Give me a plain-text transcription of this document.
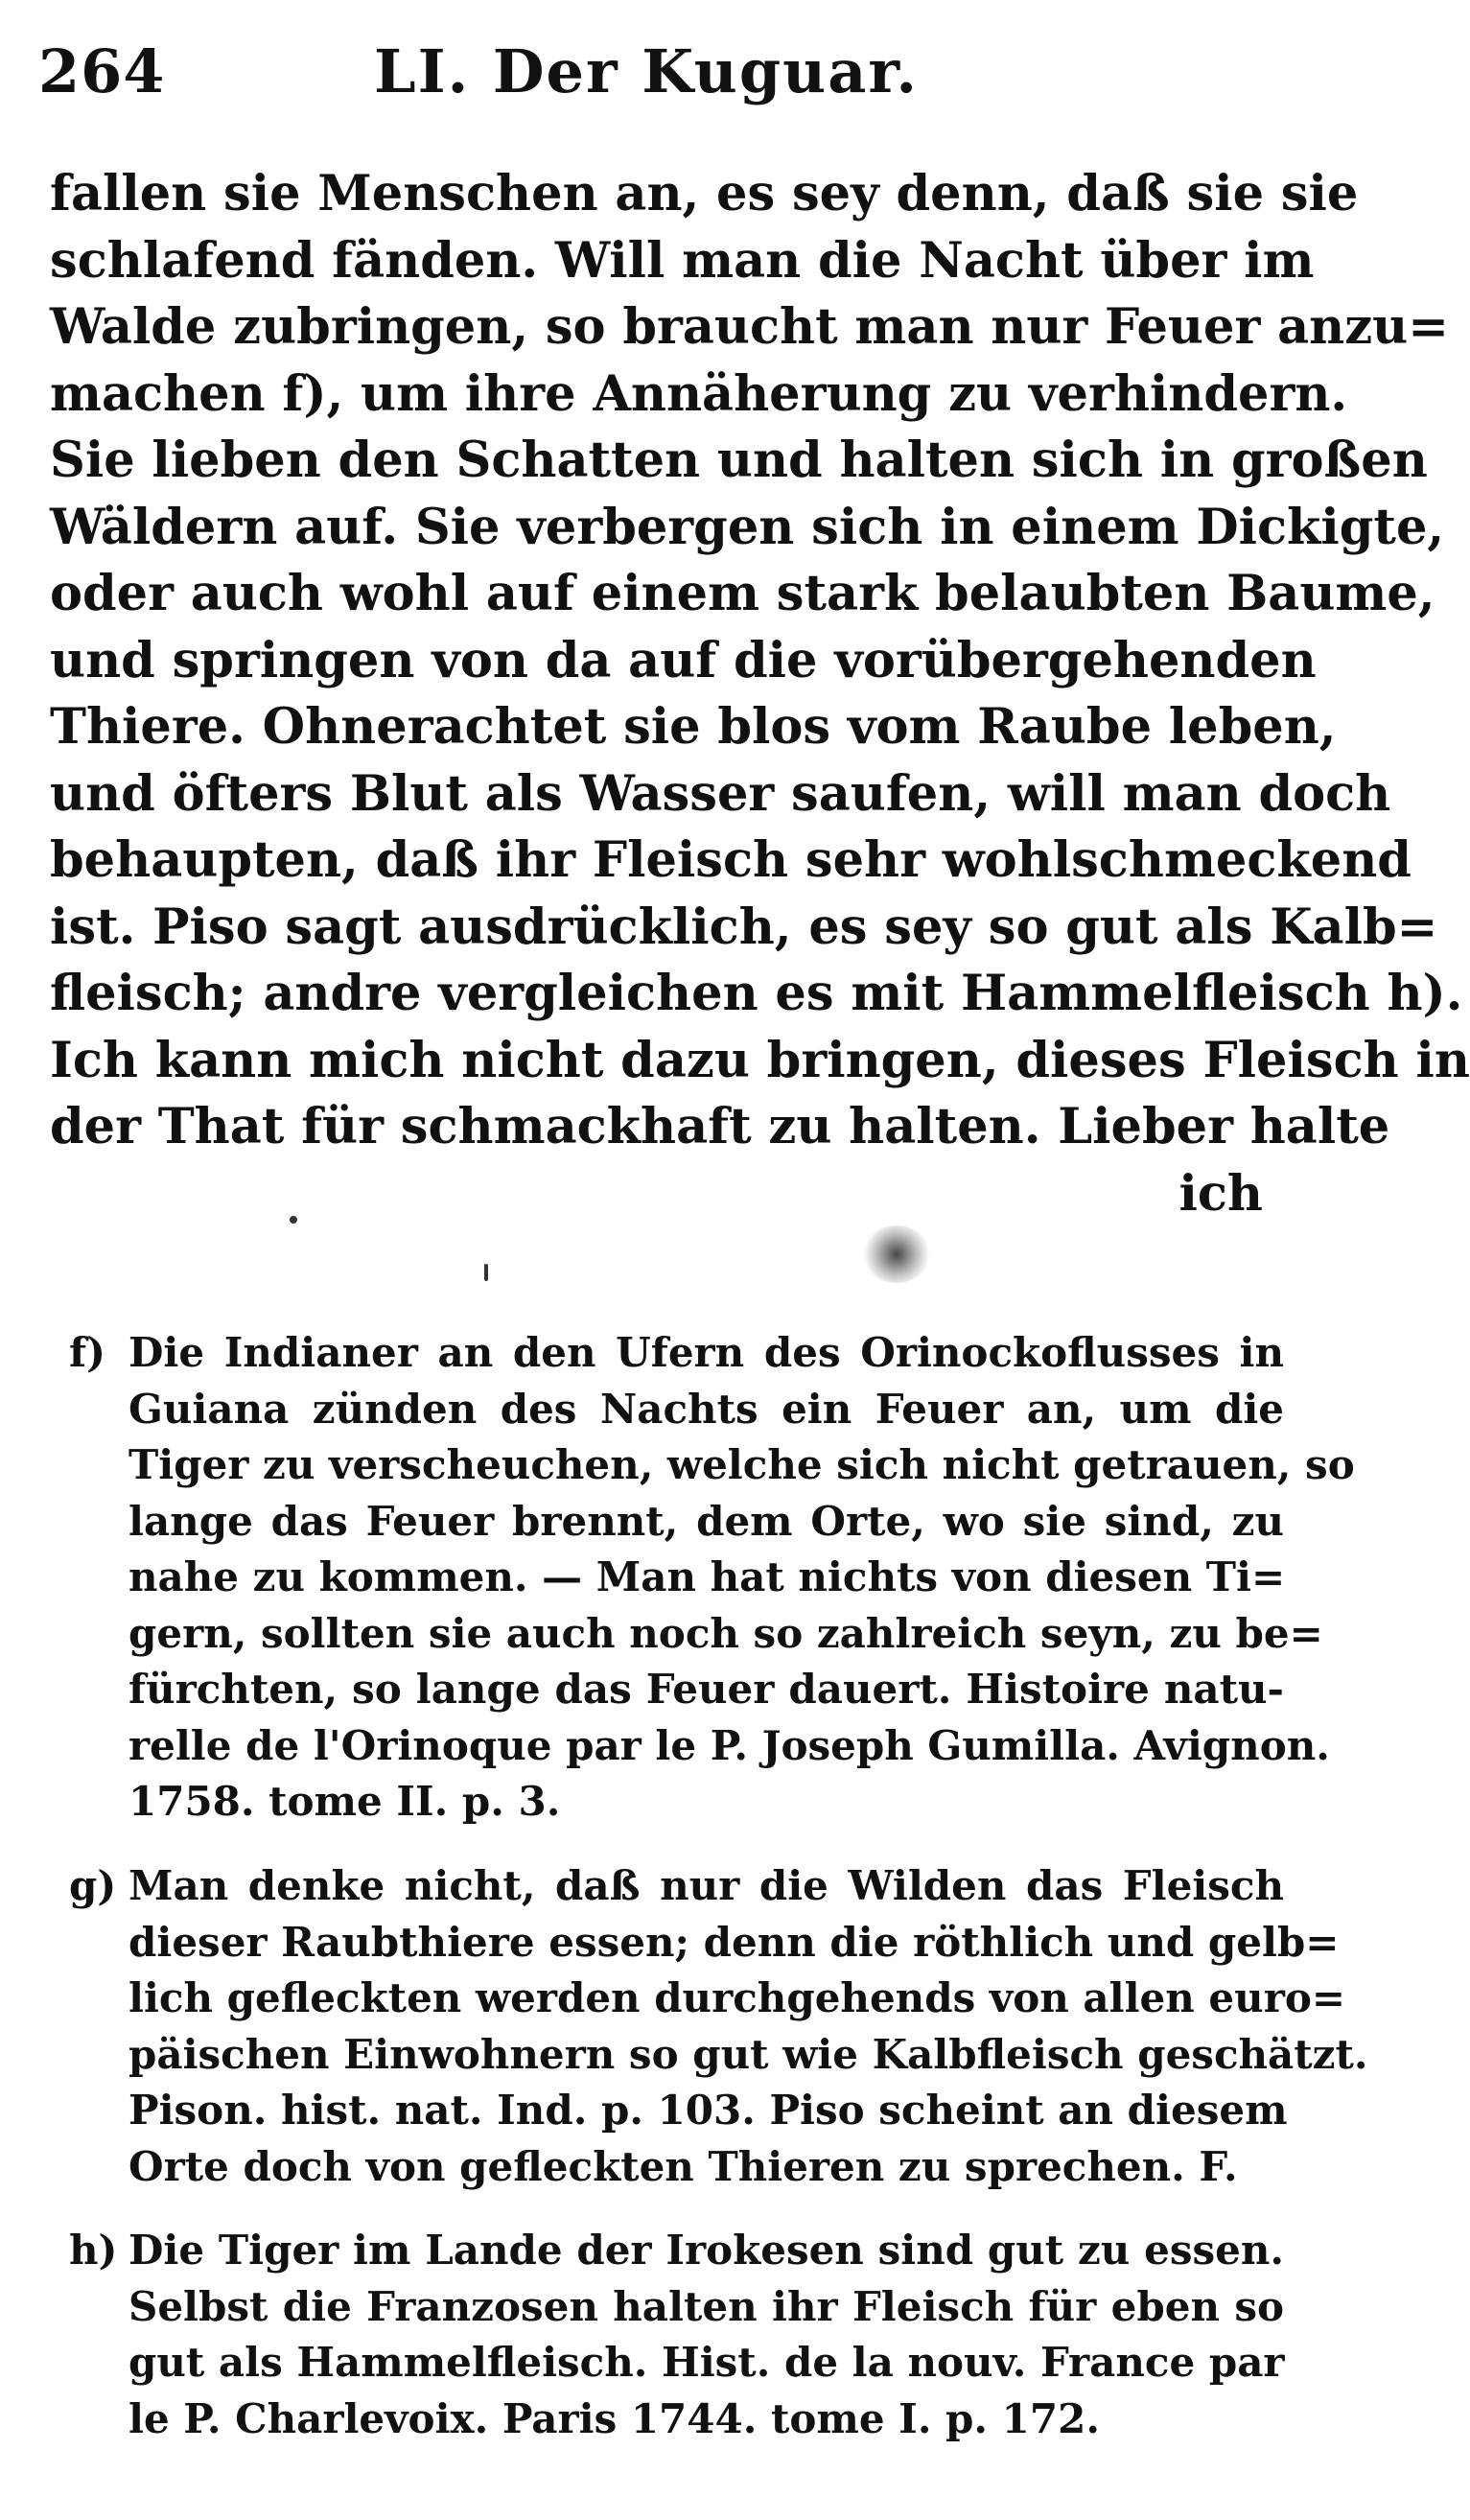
264	LI. Der Kuguar.
fallen sie Menschen an, es sey denn, daß sie sie
schlafend fänden. Will man die Nacht über im
Walde zubringen, so braucht man nur Feuer anzu=
machen f), um ihre Annäherung zu verhindern.
Sie lieben den Schatten und halten sich in großen
Wäldern auf. Sie verbergen sich in einem Dickigte,
oder auch wohl auf einem stark belaubten Baume,
und springen von da auf die vorübergehenden
Thiere. Ohnerachtet sie blos vom Raube leben,
und öfters Blut als Wasser saufen, will man doch
behaupten, daß ihr Fleisch sehr wohlschmeckend
ist. Piso sagt ausdrücklich, es sey so gut als Kalb=
fleisch; andre vergleichen es mit Hammelfleisch h).
Ich kann mich nicht dazu bringen, dieses Fleisch in
der That für schmackhaft zu halten. Lieber halte
ich
f) Die Indianer an den Ufern des Orinockoflusses in
Guiana zünden des Nachts ein Feuer an, um die
Tiger zu verscheuchen, welche sich nicht getrauen, so
lange das Feuer brennt, dem Orte, wo sie sind, zu
nahe zu kommen. — Man hat nichts von diesen Ti=
gern, sollten sie auch noch so zahlreich seyn, zu be=
fürchten, so lange das Feuer dauert. Histoire natu-
relle de l'Orinoque par le P. Joseph Gumilla. Avignon.
1758. tome II. p. 3.
g) Man denke nicht, daß nur die Wilden das Fleisch
dieser Raubthiere essen; denn die röthlich und gelb=
lich gefleckten werden durchgehends von allen euro=
päischen Einwohnern so gut wie Kalbfleisch geschätzt.
Pison. hist. nat. Ind. p. 103. Piso scheint an diesem
Orte doch von gefleckten Thieren zu sprechen. F.
h) Die Tiger im Lande der Irokesen sind gut zu essen.
Selbst die Franzosen halten ihr Fleisch für eben so
gut als Hammelfleisch. Hist. de la nouv. France par
le P. Charlevoix. Paris 1744. tome I. p. 172.
